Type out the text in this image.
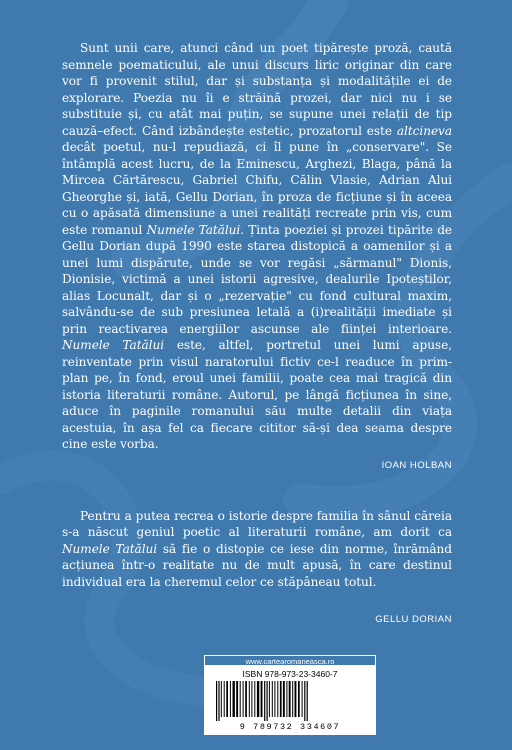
Sunt unii care, atunci când un poet tipărește proză, caută semnele poematicului, ale unui discurs liric originar din care vor fi provenit stilul, dar și substanța și modalitățile ei de explorare. Poezia nu îi e străină prozei, dar nici nu i se substituie și, cu atât mai puțin, se supune unei relații de tip cauză–efect. Când izbândește estetic, prozatorul este altcineva decât poetul, nu-l repudiază, ci îl pune în „conservare". Se întâmplă acest lucru, de la Eminescu, Arghezi, Blaga, până la Mircea Cărtărescu, Gabriel Chifu, Călin Vlasie, Adrian Alui Gheorghe și, iată, Gellu Dorian, în proza de ficțiune și în aceea cu o apăsată dimensiune a unei realități recreate prin vis, cum este romanul Numele Tatălui. Ținta poeziei și prozei tipărite de Gellu Dorian după 1990 este starea distopică a oamenilor și a unei lumi dispărute, unde se vor regăsi „sărmanul" Dionis, Dionisie, victimă a unei istorii agresive, dealurile Ipoteștilor, alias Locunalt, dar și o „rezervație" cu fond cultural maxim, salvându-se de sub presiunea letală a (i)realității imediate și prin reactivarea energiilor ascunse ale ființei interioare. Numele Tatălui este, altfel, portretul unei lumi apuse, reinventate prin visul naratorului fictiv ce-l readuce în prim-plan pe, în fond, eroul unei familii, poate cea mai tragică din istoria literaturii române. Autorul, pe lângă ficțiunea în sine, aduce în paginile romanului său multe detalii din viața acestuia, în așa fel ca fiecare cititor să-și dea seama despre cine este vorba.

IOAN HOLBAN

Pentru a putea recrea o istorie despre familia în sânul căreia s-a născut geniul poetic al literaturii române, am dorit ca Numele Tatălui să fie o distopie ce iese din norme, înrămând acțiunea într-o realitate nu de mult apusă, în care destinul individual era la cheremul celor ce stăpâneau totul.

GELLU DORIAN
ISBN 978-973-23-3460-7
9 789732 334607
www.cartearomaneasca.ro
